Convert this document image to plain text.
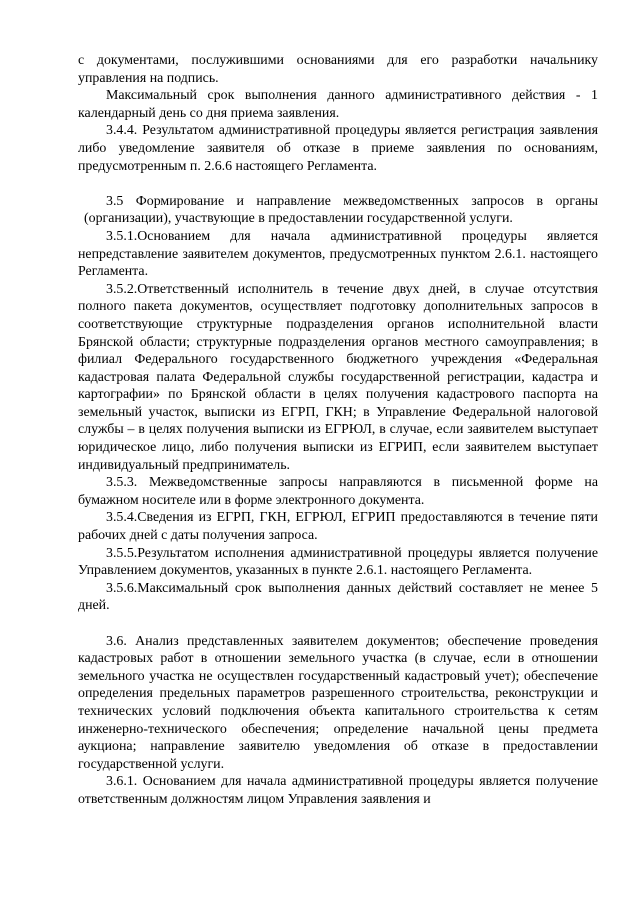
с документами, послужившими основаниями для его разработки начальнику управления на подпись.

Максимальный срок выполнения данного административного действия - 1 календарный день со дня приема заявления.

3.4.4. Результатом административной процедуры является регистрация заявления либо уведомление заявителя об отказе в приеме заявления по основаниям, предусмотренным п. 2.6.6 настоящего Регламента.

3.5 Формирование и направление межведомственных запросов в органы (организации), участвующие в предоставлении государственной услуги.

3.5.1.Основанием для начала административной процедуры является непредставление заявителем документов, предусмотренных пунктом 2.6.1. настоящего Регламента.

3.5.2.Ответственный исполнитель в течение двух дней, в случае отсутствия полного пакета документов, осуществляет подготовку дополнительных запросов в соответствующие структурные подразделения органов исполнительной власти Брянской области; структурные подразделения органов местного самоуправления; в филиал Федерального государственного бюджетного учреждения «Федеральная кадастровая палата Федеральной службы государственной регистрации, кадастра и картографии» по Брянской области в целях получения кадастрового паспорта на земельный участок, выписки из ЕГРП, ГКН; в Управление Федеральной налоговой службы – в целях получения выписки из ЕГРЮЛ, в случае, если заявителем выступает юридическое лицо, либо получения выписки из ЕГРИП, если заявителем выступает индивидуальный предприниматель.

3.5.3. Межведомственные запросы направляются в письменной форме на бумажном носителе или в форме электронного документа.

3.5.4.Сведения из ЕГРП, ГКН, ЕГРЮЛ, ЕГРИП предоставляются в течение пяти рабочих дней с даты получения запроса.

3.5.5.Результатом исполнения административной процедуры является получение Управлением документов, указанных в пункте 2.6.1. настоящего Регламента.

3.5.6.Максимальный срок выполнения данных действий составляет не менее 5 дней.

3.6. Анализ представленных заявителем документов; обеспечение проведения кадастровых работ в отношении земельного участка (в случае, если в отношении земельного участка не осуществлен государственный кадастровый учет); обеспечение определения предельных параметров разрешенного строительства, реконструкции и технических условий подключения объекта капитального строительства к сетям инженерно-технического обеспечения; определение начальной цены предмета аукциона; направление заявителю уведомления об отказе в предоставлении государственной услуги.

3.6.1. Основанием для начала административной процедуры является получение ответственным должностям лицом Управления заявления и
